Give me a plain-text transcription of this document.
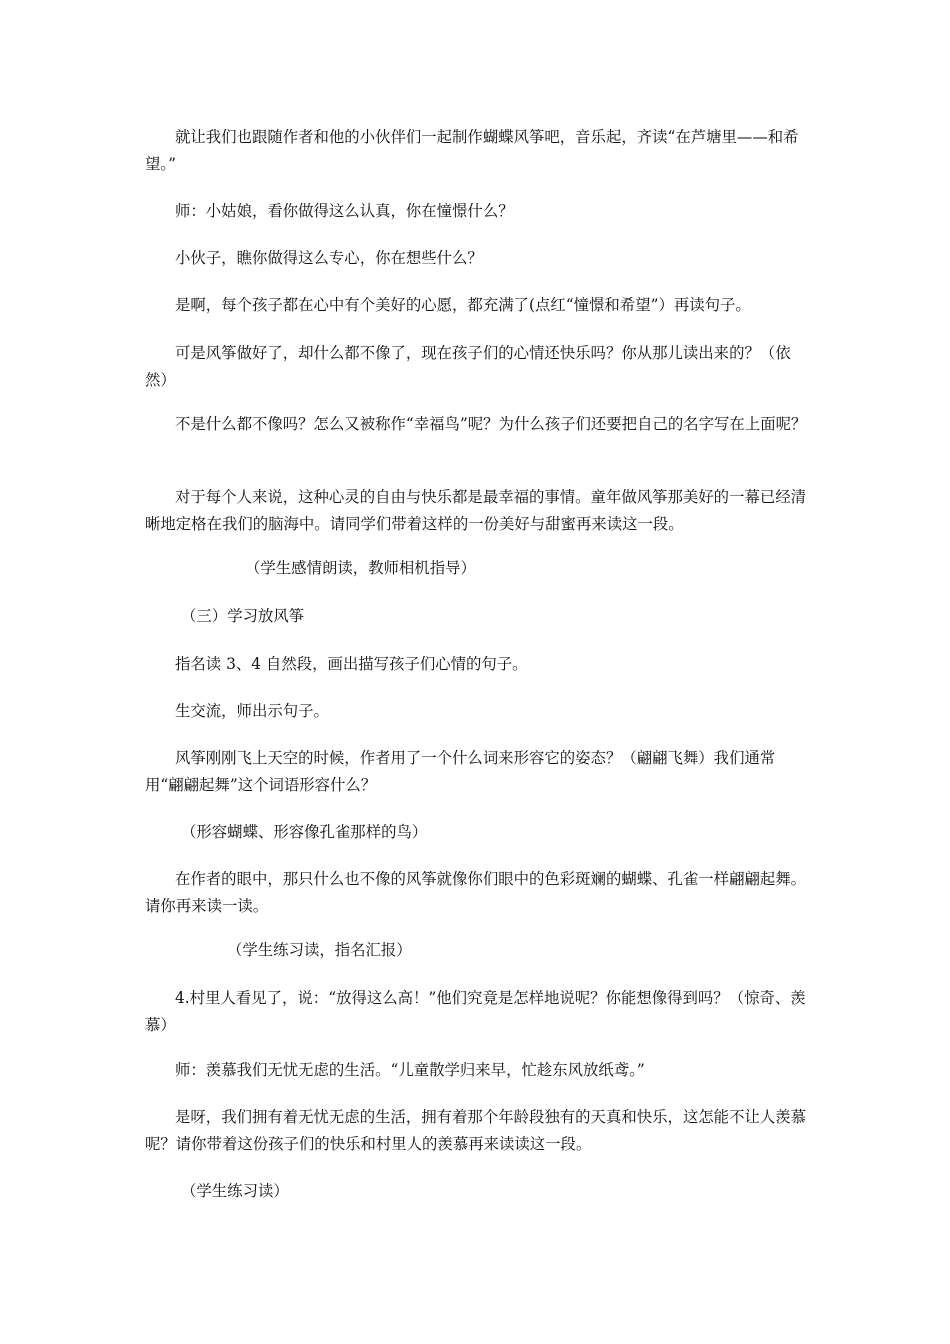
就让我们也跟随作者和他的小伙伴们一起制作蝴蝶风筝吧，音乐起，齐读“在芦塘里——和希望。”

师：小姑娘，看你做得这么认真，你在憧憬什么？

小伙子，瞧你做得这么专心，你在想些什么？

是啊，每个孩子都在心中有个美好的心愿，都充满了(点红“憧憬和希望”）再读句子。

可是风筝做好了，却什么都不像了，现在孩子们的心情还快乐吗？你从那儿读出来的？（依然）

不是什么都不像吗？怎么又被称作“幸福鸟”呢？为什么孩子们还要把自己的名字写在上面呢？

对于每个人来说，这种心灵的自由与快乐都是最幸福的事情。童年做风筝那美好的一幕已经清晰地定格在我们的脑海中。请同学们带着这样的一份美好与甜蜜再来读这一段。

（学生感情朗读，教师相机指导）

（三）学习放风筝

指名读 3、4 自然段，画出描写孩子们心情的句子。

生交流，师出示句子。

风筝刚刚飞上天空的时候，作者用了一个什么词来形容它的姿态？（翩翩飞舞）我们通常用“翩翩起舞”这个词语形容什么？

（形容蝴蝶、形容像孔雀那样的鸟）

在作者的眼中，那只什么也不像的风筝就像你们眼中的色彩斑斓的蝴蝶、孔雀一样翩翩起舞。请你再来读一读。

（学生练习读，指名汇报）

4.村里人看见了，说：“放得这么高！”他们究竟是怎样地说呢？你能想像得到吗？（惊奇、羡慕）

师：羡慕我们无忧无虑的生活。“儿童散学归来早，忙趁东风放纸鸢。”

是呀，我们拥有着无忧无虑的生活，拥有着那个年龄段独有的天真和快乐，这怎能不让人羡慕呢？请你带着这份孩子们的快乐和村里人的羡慕再来读读这一段。

（学生练习读）
